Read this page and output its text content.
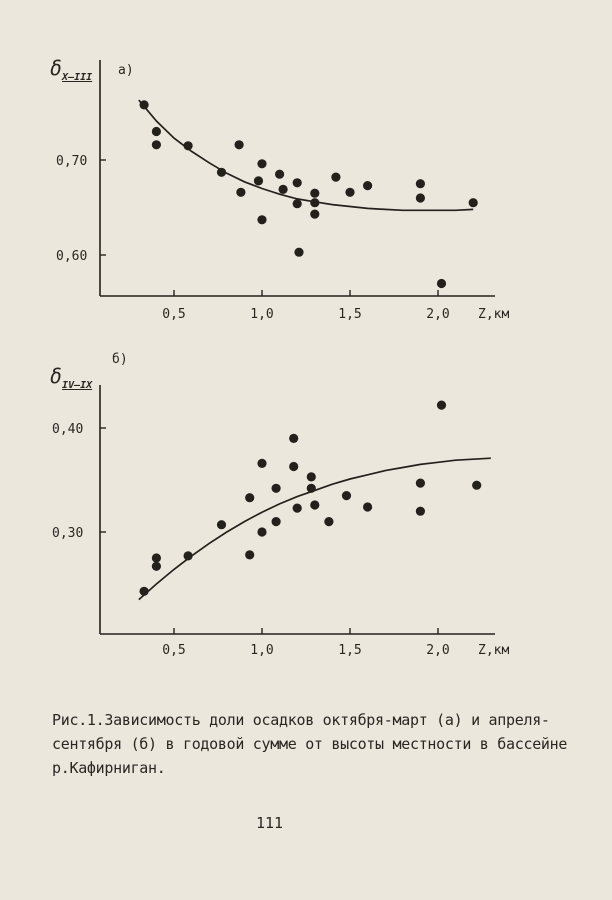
0,60
0,70
0,5	1,0	1,5	2,0 Z,км
$\delta_{X-III}$ а)
0,30
0,40
0,5	1,0	1,5	2,0 Z,км
$\delta_{IV-IX}$
б)
Рис.1.Зависимость доли осадков октября-март (а) и апреля-
сентября (б) в годовой сумме от высоты местности в бассейне
р.Кафирниган.
111
